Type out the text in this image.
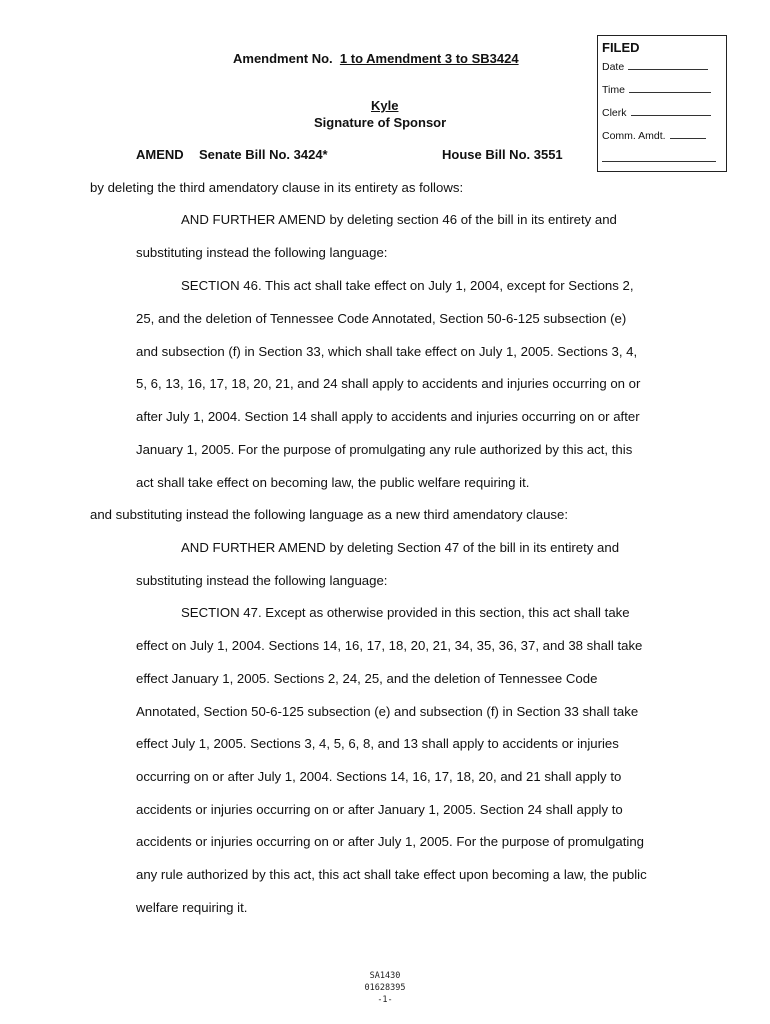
Amendment No. 1 to Amendment 3 to SB3424
Kyle
Signature of Sponsor
AMEND Senate Bill No. 3424*	House Bill No. 3551
FILED
Date
Time
Clerk
Comm. Amdt.
by deleting the third amendatory clause in its entirety as follows:
AND FURTHER AMEND by deleting section 46 of the bill in its entirety and
substituting instead the following language:
SECTION 46. This act shall take effect on July 1, 2004, except for Sections 2,
25, and the deletion of Tennessee Code Annotated, Section 50-6-125 subsection (e)
and subsection (f) in Section 33, which shall take effect on July 1, 2005. Sections 3, 4,
5, 6, 13, 16, 17, 18, 20, 21, and 24 shall apply to accidents and injuries occurring on or
after July 1, 2004. Section 14 shall apply to accidents and injuries occurring on or after
January 1, 2005. For the purpose of promulgating any rule authorized by this act, this
act shall take effect on becoming law, the public welfare requiring it.
and substituting instead the following language as a new third amendatory clause:
AND FURTHER AMEND by deleting Section 47 of the bill in its entirety and
substituting instead the following language:
SECTION 47. Except as otherwise provided in this section, this act shall take
effect on July 1, 2004. Sections 14, 16, 17, 18, 20, 21, 34, 35, 36, 37, and 38 shall take
effect January 1, 2005. Sections 2, 24, 25, and the deletion of Tennessee Code
Annotated, Section 50-6-125 subsection (e) and subsection (f) in Section 33 shall take
effect July 1, 2005. Sections 3, 4, 5, 6, 8, and 13 shall apply to accidents or injuries
occurring on or after July 1, 2004. Sections 14, 16, 17, 18, 20, and 21 shall apply to
accidents or injuries occurring on or after January 1, 2005. Section 24 shall apply to
accidents or injuries occurring on or after July 1, 2005. For the purpose of promulgating
any rule authorized by this act, this act shall take effect upon becoming a law, the public
welfare requiring it.
SA1430
01628395
-1-
